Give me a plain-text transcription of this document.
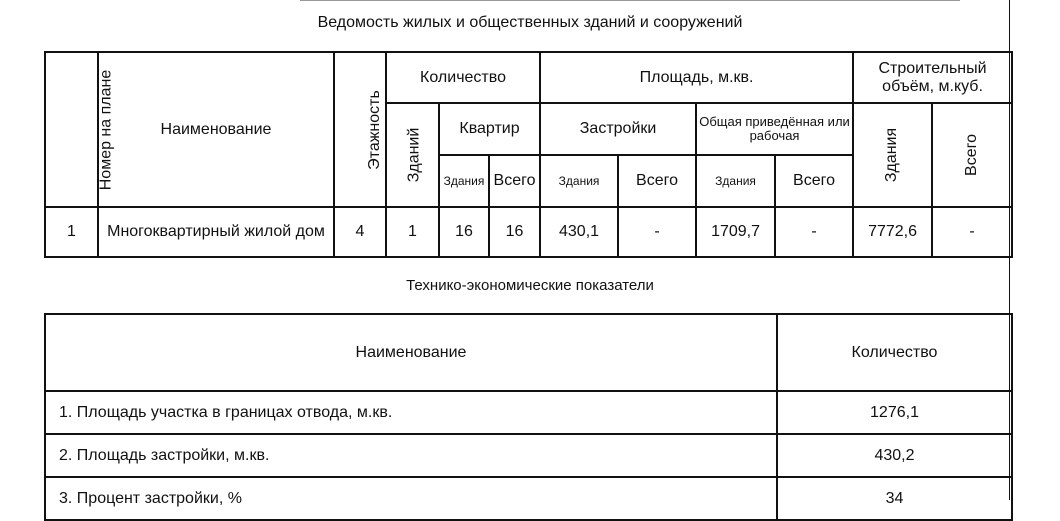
Ведомость жилых и общественных зданий и сооружений
Номер на плане	Наименование	Этажность	Количество			Площадь, м.кв.				Строительный объём, м.куб.	
			Зданий	Квартир		Застройки		Общая приведённая или рабочая		Здания	Всего
				Здания	Всего	Здания	Всего	Здания	Всего		
1	Многоквартирный жилой дом	4	1	16	16	430,1	-	1709,7	-	7772,6	-
Технико-экономические показатели
Наименование	Количество
1. Площадь участка в границах отвода, м.кв.	1276,1
2. Площадь застройки, м.кв.	430,2
3. Процент застройки, %	34
